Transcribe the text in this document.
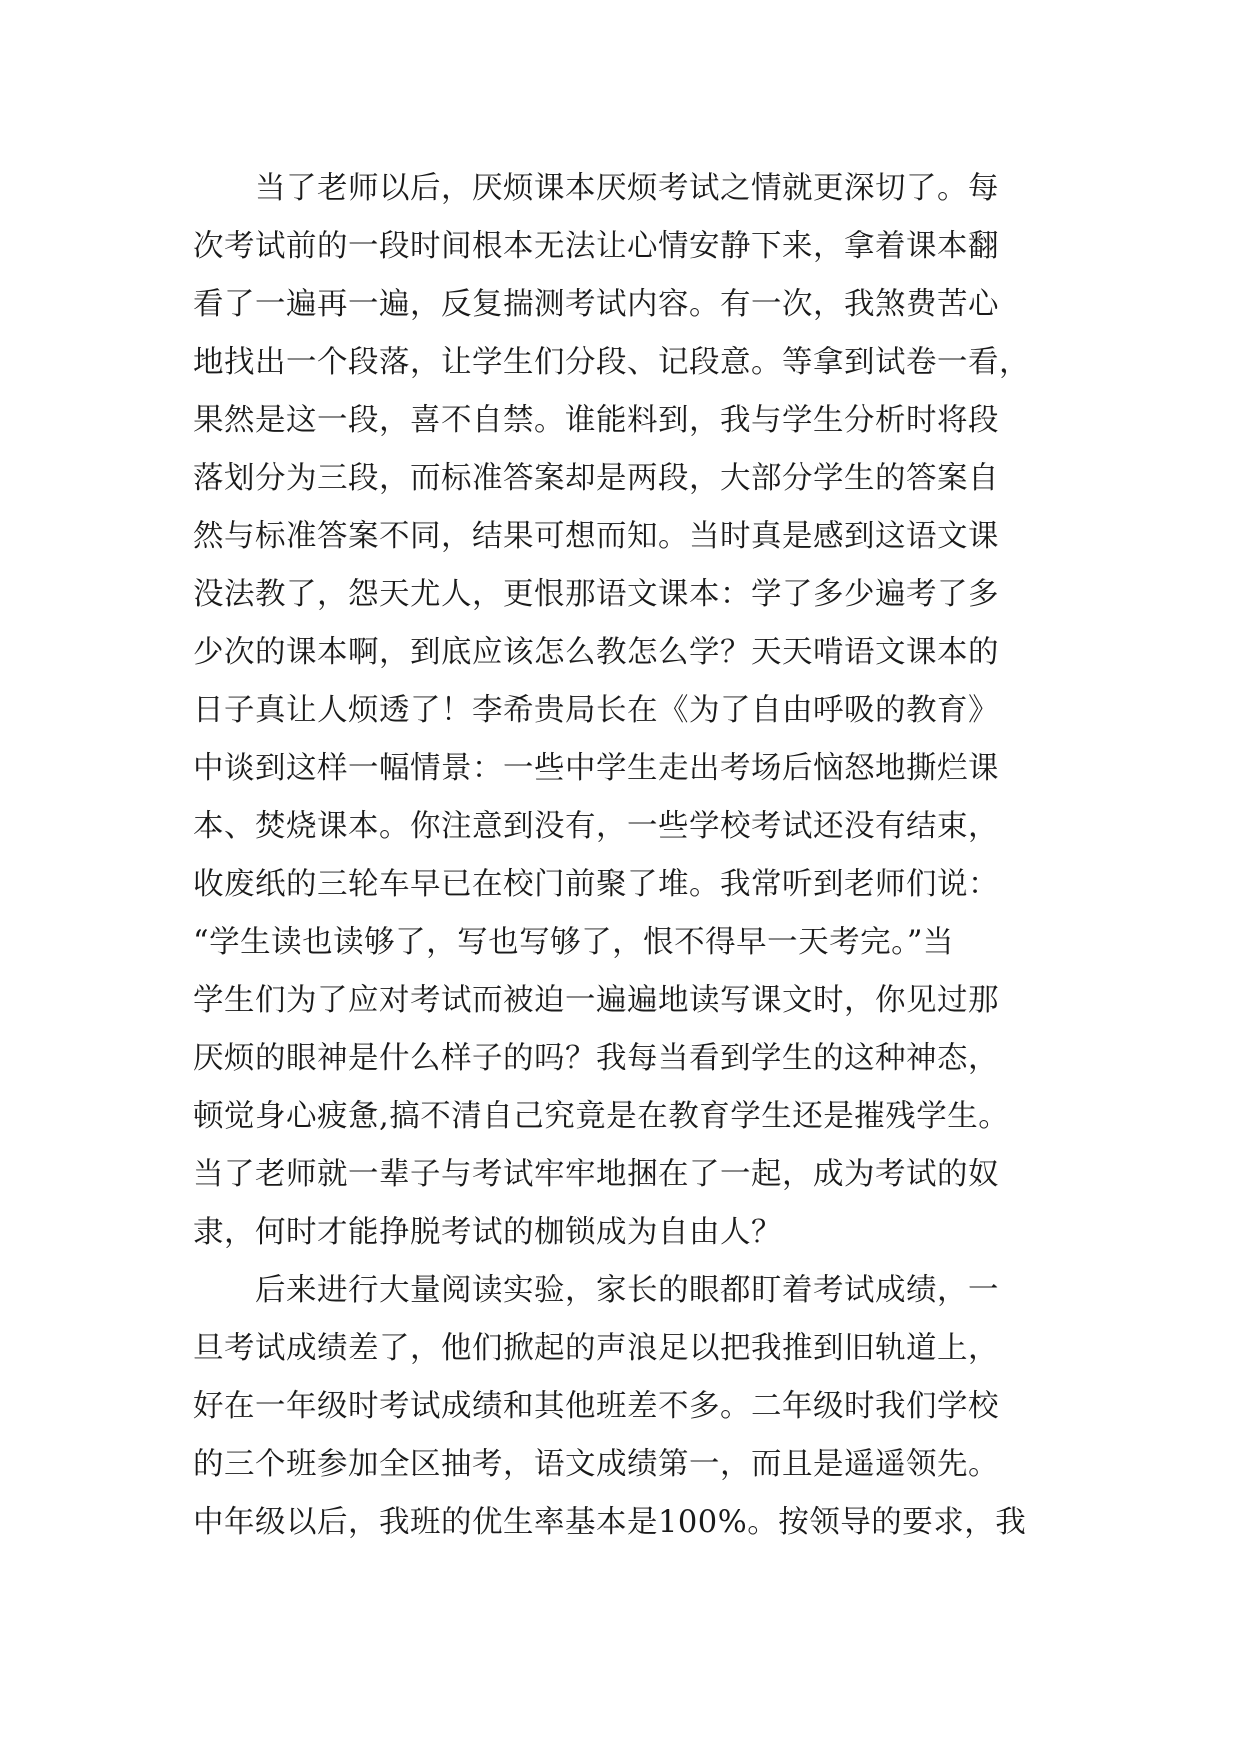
　　当了老师以后，厌烦课本厌烦考试之情就更深切了。每
次考试前的一段时间根本无法让心情安静下来，拿着课本翻
看了一遍再一遍，反复揣测考试内容。有一次，我煞费苦心
地找出一个段落，让学生们分段、记段意。等拿到试卷一看，
果然是这一段，喜不自禁。谁能料到，我与学生分析时将段
落划分为三段，而标准答案却是两段，大部分学生的答案自
然与标准答案不同，结果可想而知。当时真是感到这语文课
没法教了，怨天尤人，更恨那语文课本：学了多少遍考了多
少次的课本啊，到底应该怎么教怎么学？天天啃语文课本的
日子真让人烦透了！李希贵局长在《为了自由呼吸的教育》
中谈到这样一幅情景：一些中学生走出考场后恼怒地撕烂课
本、焚烧课本。你注意到没有，一些学校考试还没有结束，
收废纸的三轮车早已在校门前聚了堆。我常听到老师们说：
“学生读也读够了，写也写够了，恨不得早一天考完。”当
学生们为了应对考试而被迫一遍遍地读写课文时，你见过那
厌烦的眼神是什么样子的吗？我每当看到学生的这种神态，
顿觉身心疲惫,搞不清自己究竟是在教育学生还是摧残学生。
当了老师就一辈子与考试牢牢地捆在了一起，成为考试的奴
隶，何时才能挣脱考试的枷锁成为自由人？
　　后来进行大量阅读实验，家长的眼都盯着考试成绩，一
旦考试成绩差了，他们掀起的声浪足以把我推到旧轨道上，
好在一年级时考试成绩和其他班差不多。二年级时我们学校
的三个班参加全区抽考，语文成绩第一，而且是遥遥领先。
中年级以后，我班的优生率基本是100%。按领导的要求，我
